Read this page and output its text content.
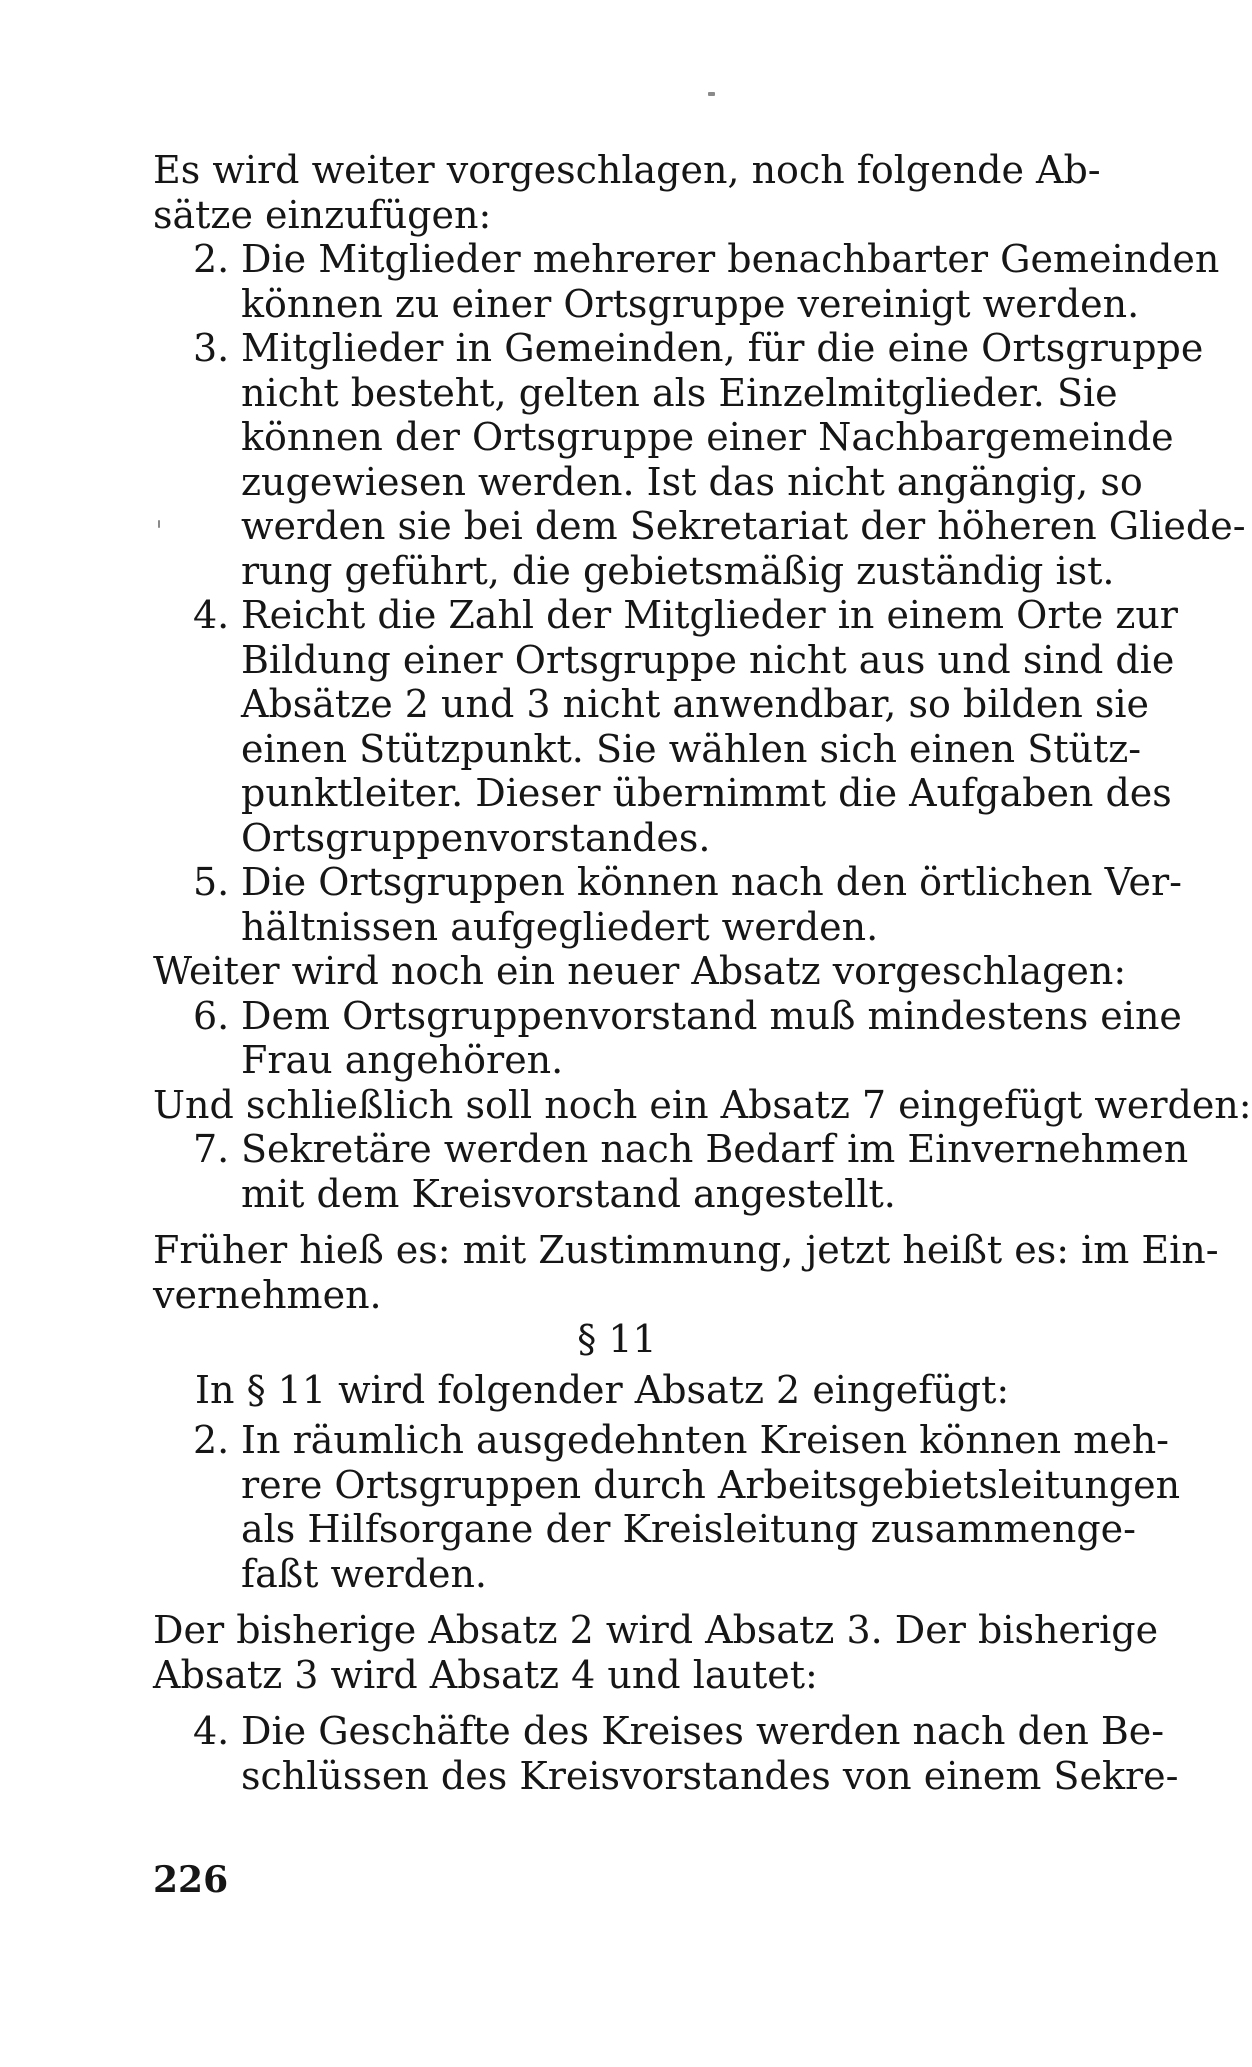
Es wird weiter vorgeschlagen, noch folgende Ab-
sätze einzufügen:
2. Die Mitglieder mehrerer benachbarter Gemeinden
können zu einer Ortsgruppe vereinigt werden.
3. Mitglieder in Gemeinden, für die eine Ortsgruppe
nicht besteht, gelten als Einzelmitglieder. Sie
können der Ortsgruppe einer Nachbargemeinde
zugewiesen werden. Ist das nicht angängig, so
werden sie bei dem Sekretariat der höheren Gliede-
rung geführt, die gebietsmäßig zuständig ist.
4. Reicht die Zahl der Mitglieder in einem Orte zur
Bildung einer Ortsgruppe nicht aus und sind die
Absätze 2 und 3 nicht anwendbar, so bilden sie
einen Stützpunkt. Sie wählen sich einen Stütz-
punktleiter. Dieser übernimmt die Aufgaben des
Ortsgruppenvorstandes.
5. Die Ortsgruppen können nach den örtlichen Ver-
hältnissen aufgegliedert werden.
Weiter wird noch ein neuer Absatz vorgeschlagen:
6. Dem Ortsgruppenvorstand muß mindestens eine
Frau angehören.
Und schließlich soll noch ein Absatz 7 eingefügt werden:
7. Sekretäre werden nach Bedarf im Einvernehmen
mit dem Kreisvorstand angestellt.
Früher hieß es: mit Zustimmung, jetzt heißt es: im Ein-
vernehmen.
§ 11
In § 11 wird folgender Absatz 2 eingefügt:
2. In räumlich ausgedehnten Kreisen können meh-
rere Ortsgruppen durch Arbeitsgebietsleitungen
als Hilfsorgane der Kreisleitung zusammenge-
faßt werden.
Der bisherige Absatz 2 wird Absatz 3. Der bisherige
Absatz 3 wird Absatz 4 und lautet:
4. Die Geschäfte des Kreises werden nach den Be-
schlüssen des Kreisvorstandes von einem Sekre-
226
